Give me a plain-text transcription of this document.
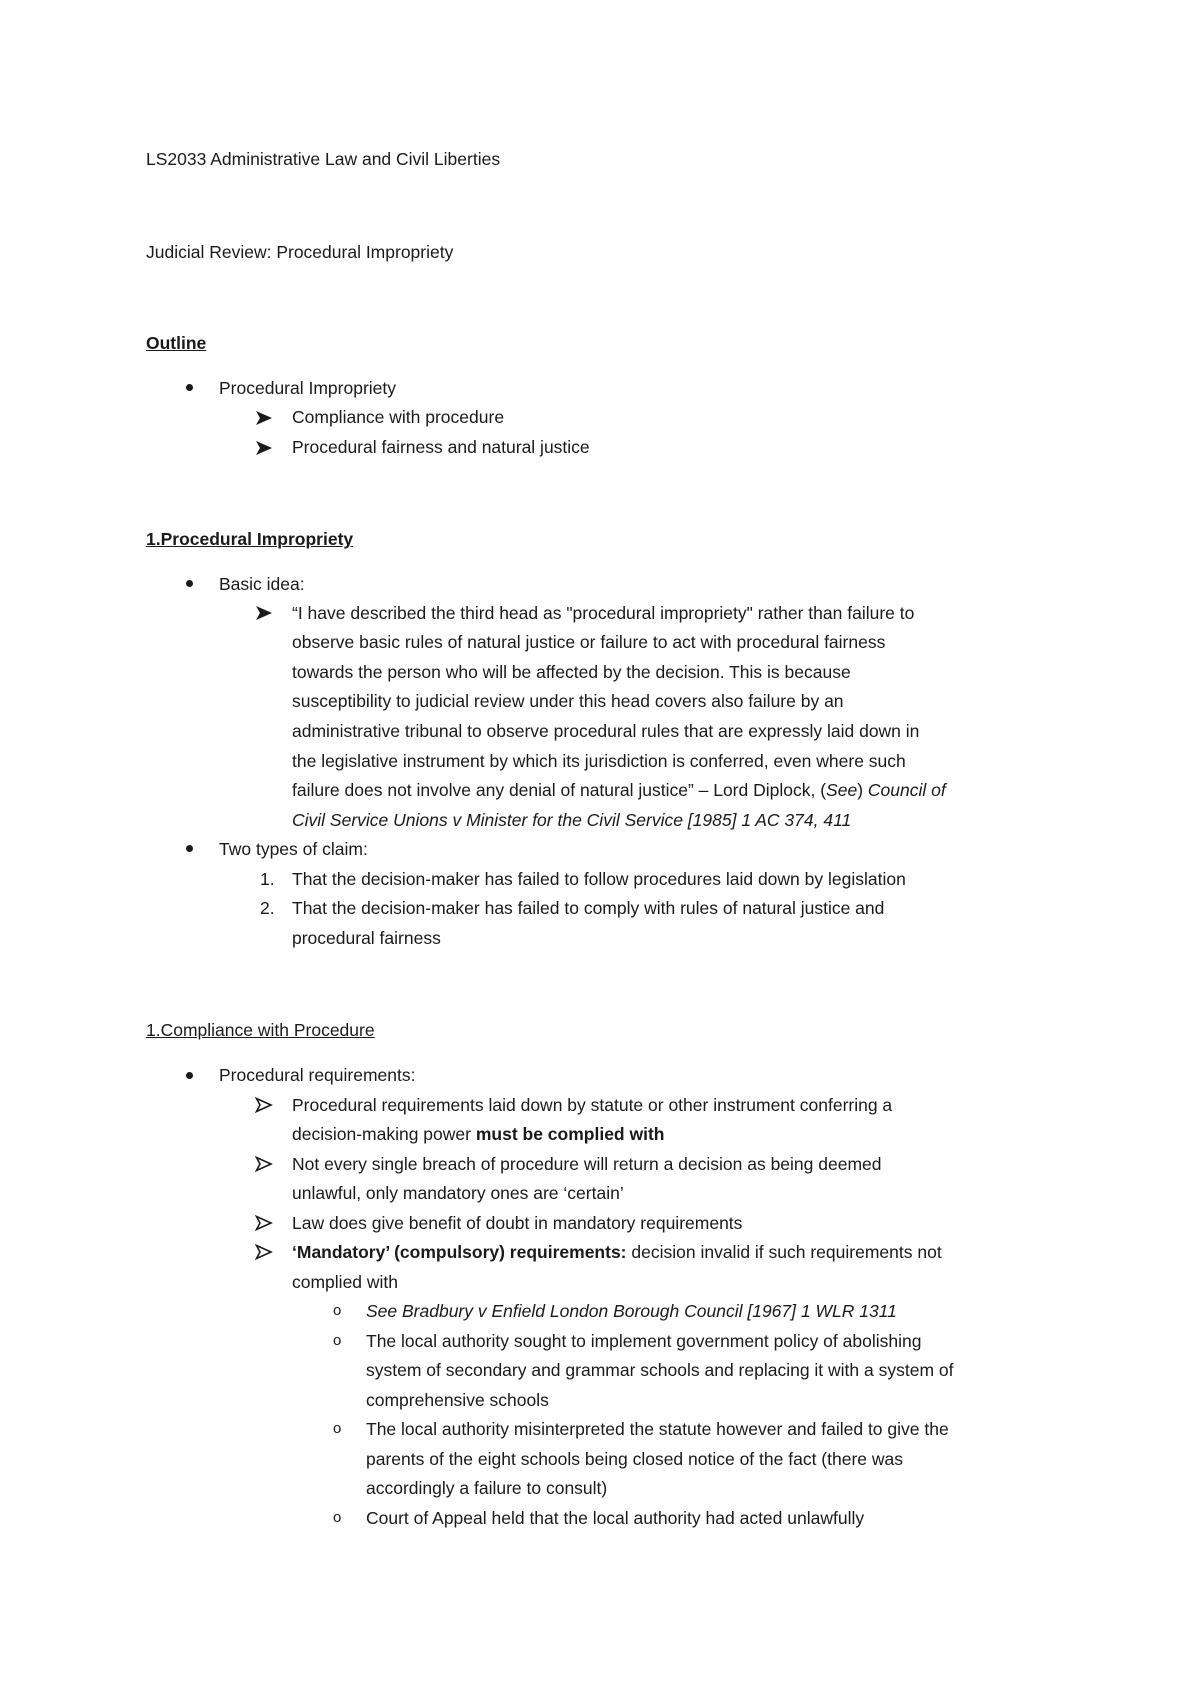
LS2033 Administrative Law and Civil Liberties
Judicial Review: Procedural Impropriety
Outline
Procedural Impropriety
Compliance with procedure
Procedural fairness and natural justice
1.Procedural Impropriety
Basic idea:
“I have described the third head as "procedural impropriety" rather than failure to
observe basic rules of natural justice or failure to act with procedural fairness
towards the person who will be affected by the decision. This is because
susceptibility to judicial review under this head covers also failure by an
administrative tribunal to observe procedural rules that are expressly laid down in
the legislative instrument by which its jurisdiction is conferred, even where such
failure does not involve any denial of natural justice” – Lord Diplock, (See) Council of
Civil Service Unions v Minister for the Civil Service [1985] 1 AC 374, 411
Two types of claim:
1. That the decision-maker has failed to follow procedures laid down by legislation
2. That the decision-maker has failed to comply with rules of natural justice and
procedural fairness
1.Compliance with Procedure
Procedural requirements:
Procedural requirements laid down by statute or other instrument conferring a
decision-making power must be complied with
Not every single breach of procedure will return a decision as being deemed
unlawful, only mandatory ones are ‘certain’
Law does give benefit of doubt in mandatory requirements
‘Mandatory’ (compulsory) requirements: decision invalid if such requirements not
complied with
o See Bradbury v Enfield London Borough Council [1967] 1 WLR 1311
o The local authority sought to implement government policy of abolishing
system of secondary and grammar schools and replacing it with a system of
comprehensive schools
o The local authority misinterpreted the statute however and failed to give the
parents of the eight schools being closed notice of the fact (there was
accordingly a failure to consult)
o Court of Appeal held that the local authority had acted unlawfully
